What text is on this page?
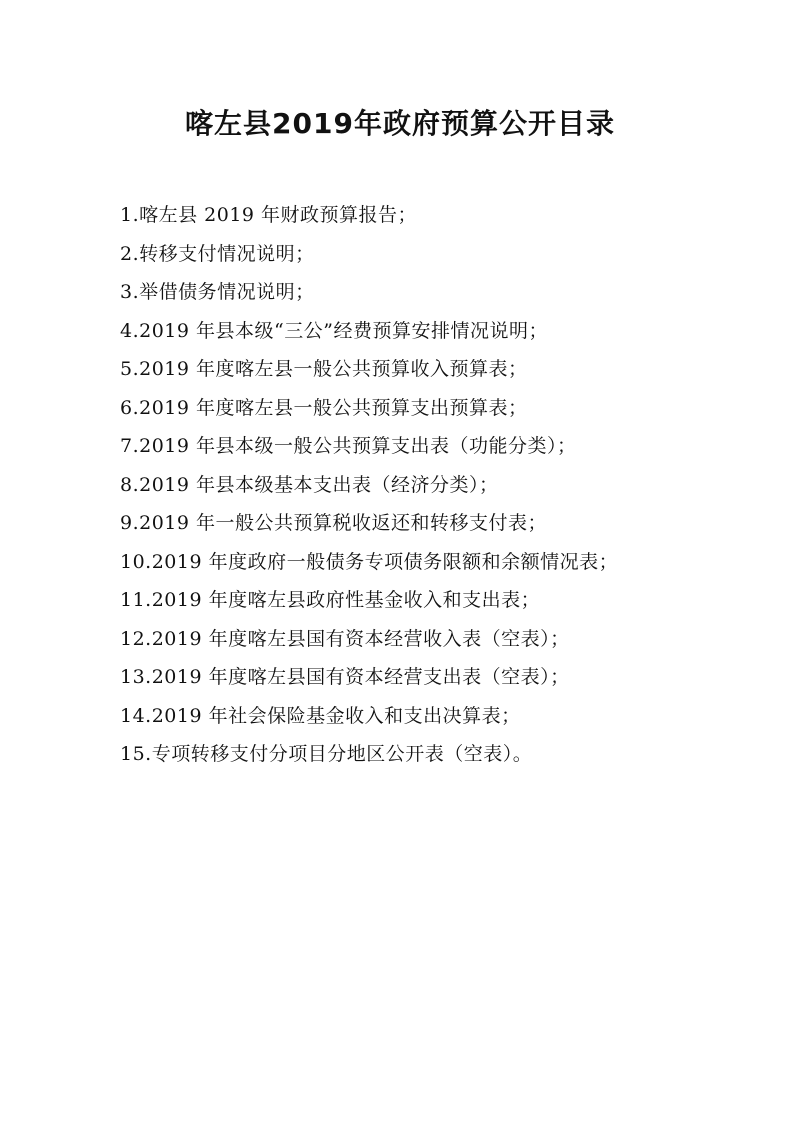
喀左县2019年政府预算公开目录
1.喀左县 2019 年财政预算报告；
2.转移支付情况说明；
3.举借债务情况说明；
4.2019 年县本级“三公”经费预算安排情况说明；
5.2019 年度喀左县一般公共预算收入预算表；
6.2019 年度喀左县一般公共预算支出预算表；
7.2019 年县本级一般公共预算支出表（功能分类）；
8.2019 年县本级基本支出表（经济分类）；
9.2019 年一般公共预算税收返还和转移支付表；
10.2019 年度政府一般债务专项债务限额和余额情况表；
11.2019 年度喀左县政府性基金收入和支出表；
12.2019 年度喀左县国有资本经营收入表（空表）；
13.2019 年度喀左县国有资本经营支出表（空表）；
14.2019 年社会保险基金收入和支出决算表；
15.专项转移支付分项目分地区公开表（空表）。
